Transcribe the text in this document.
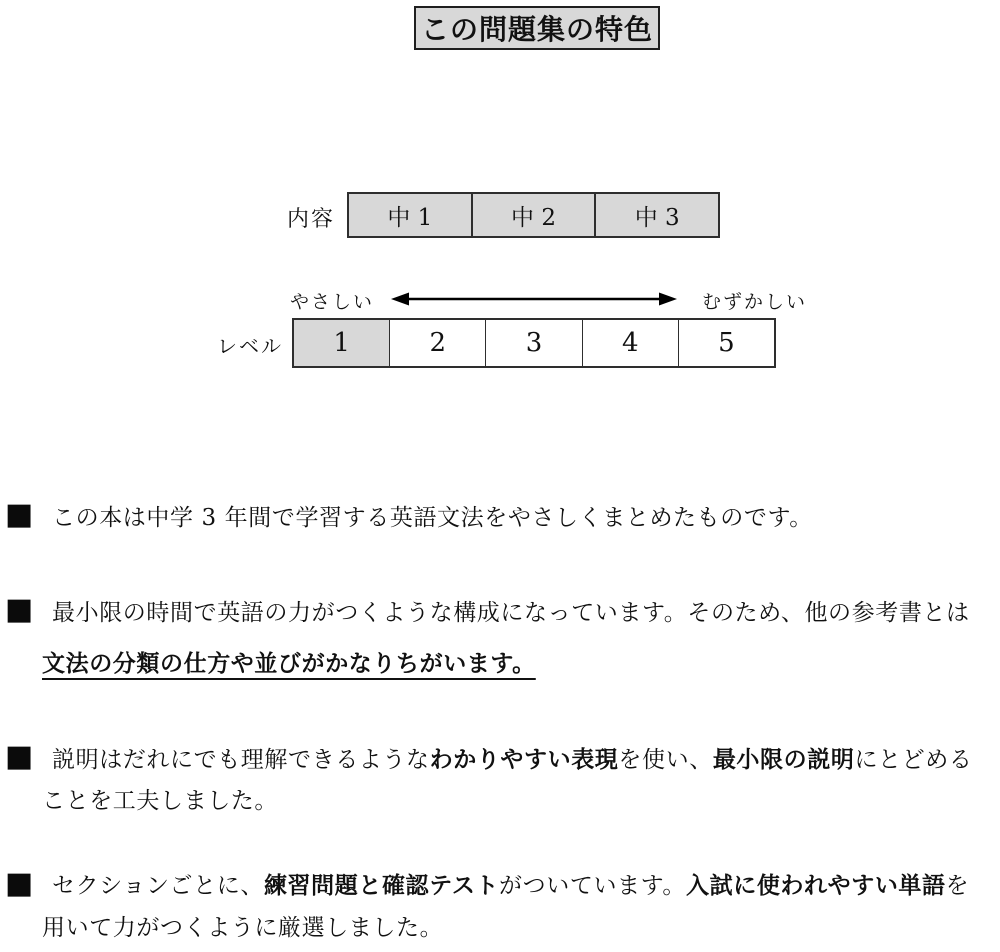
この問題集の特色
内容	中 1	中 2	中 3
やさしい	むずかしい
レベル	1	2	3	4	5
■ この本は中学 3 年間で学習する英語文法をやさしくまとめたものです。
■ 最小限の時間で英語の力がつくような構成になっています。そのため、他の参考書とは
文法の分類の仕方や並びがかなりちがいます。
■ 説明はだれにでも理解できるようなわかりやすい表現を使い、最小限の説明にとどめる
ことを工夫しました。
■ セクションごとに、練習問題と確認テストがついています。入試に使われやすい単語を
用いて力がつくように厳選しました。
